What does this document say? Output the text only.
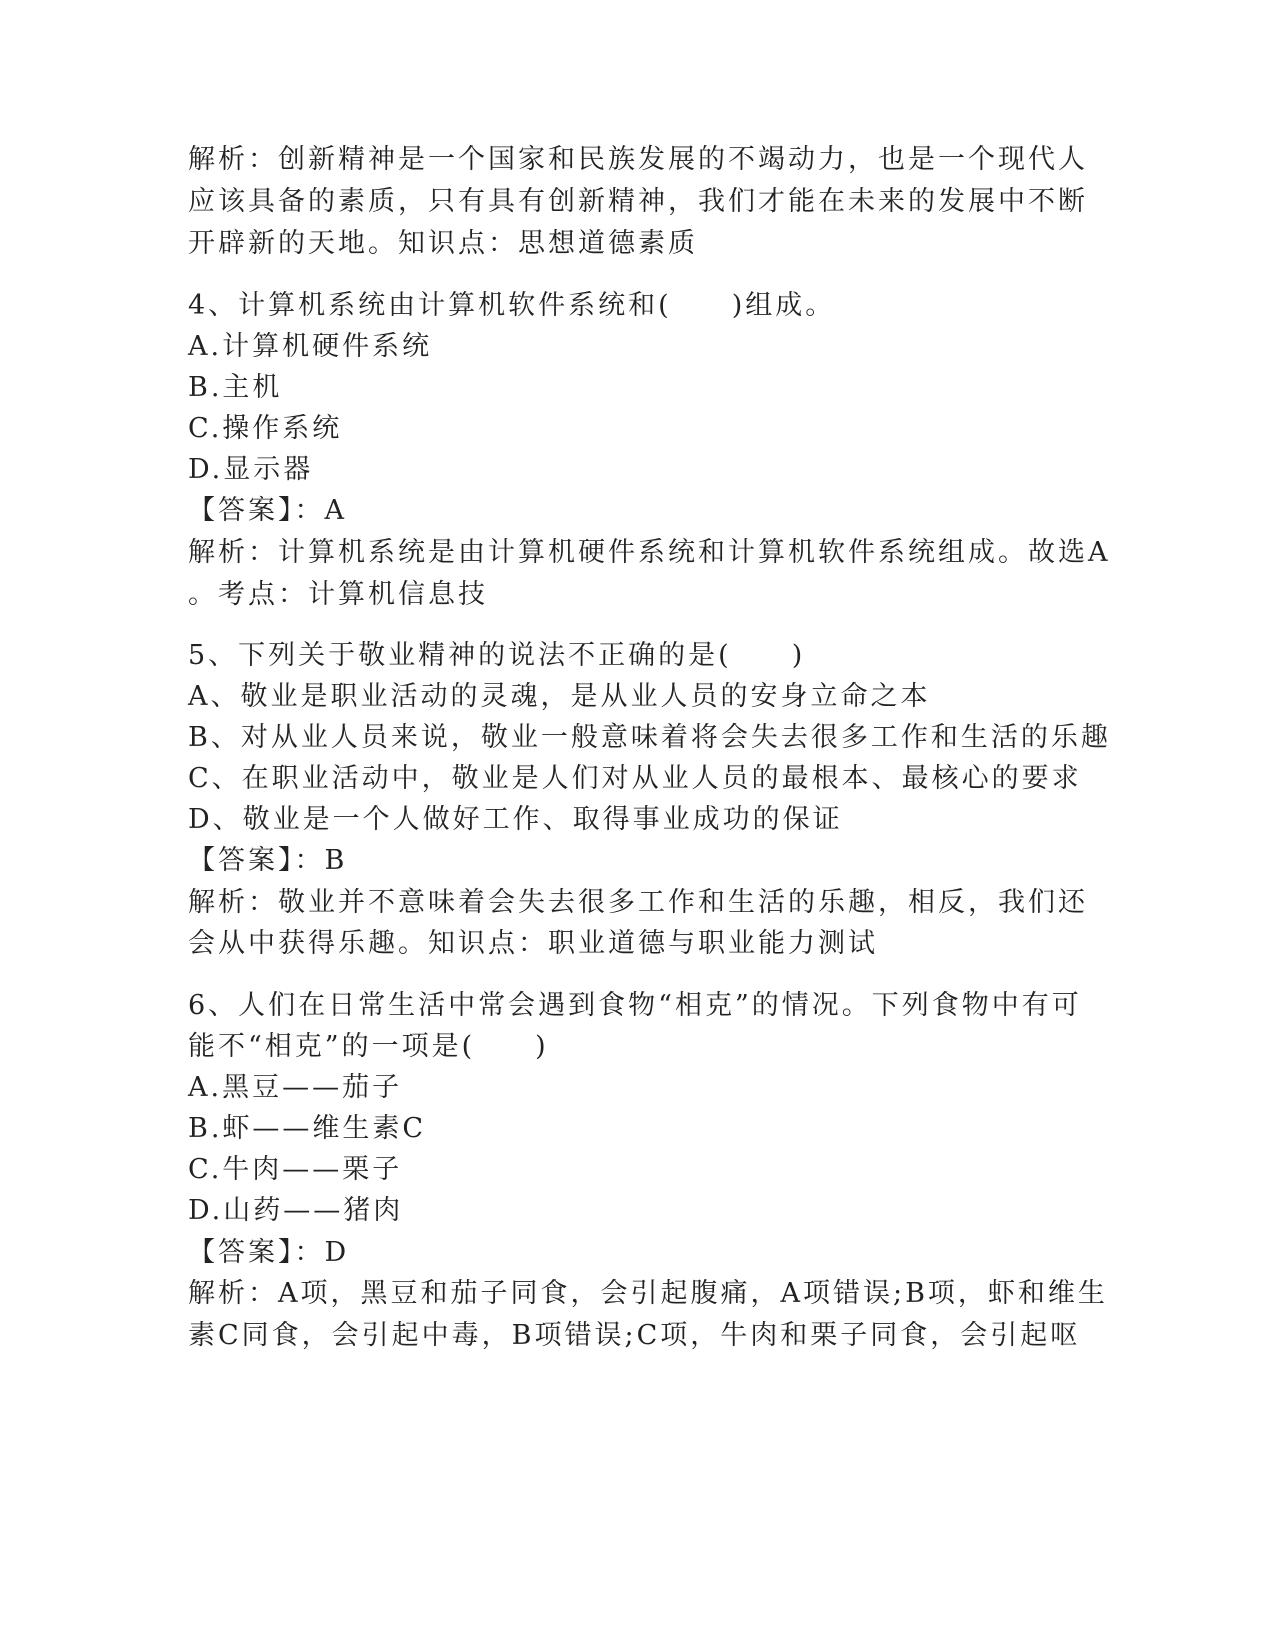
解析：创新精神是一个国家和民族发展的不竭动力，也是一个现代人
应该具备的素质，只有具有创新精神，我们才能在未来的发展中不断
开辟新的天地。知识点：思想道德素质
4、计算机系统由计算机软件系统和(　　)组成。
A.计算机硬件系统
B.主机
C.操作系统
D.显示器
【答案】：A
解析：计算机系统是由计算机硬件系统和计算机软件系统组成。故选A
。考点：计算机信息技
5、下列关于敬业精神的说法不正确的是(　　)
A、敬业是职业活动的灵魂，是从业人员的安身立命之本
B、对从业人员来说，敬业一般意味着将会失去很多工作和生活的乐趣
C、在职业活动中，敬业是人们对从业人员的最根本、最核心的要求
D、敬业是一个人做好工作、取得事业成功的保证
【答案】：B
解析：敬业并不意味着会失去很多工作和生活的乐趣，相反，我们还
会从中获得乐趣。知识点：职业道德与职业能力测试
6、人们在日常生活中常会遇到食物“相克”的情况。下列食物中有可
能不“相克”的一项是(　　)
A.黑豆——茄子
B.虾——维生素C
C.牛肉——栗子
D.山药——猪肉
【答案】：D
解析：A项，黑豆和茄子同食，会引起腹痛，A项错误;B项，虾和维生
素C同食，会引起中毒，B项错误;C项，牛肉和栗子同食，会引起呕
